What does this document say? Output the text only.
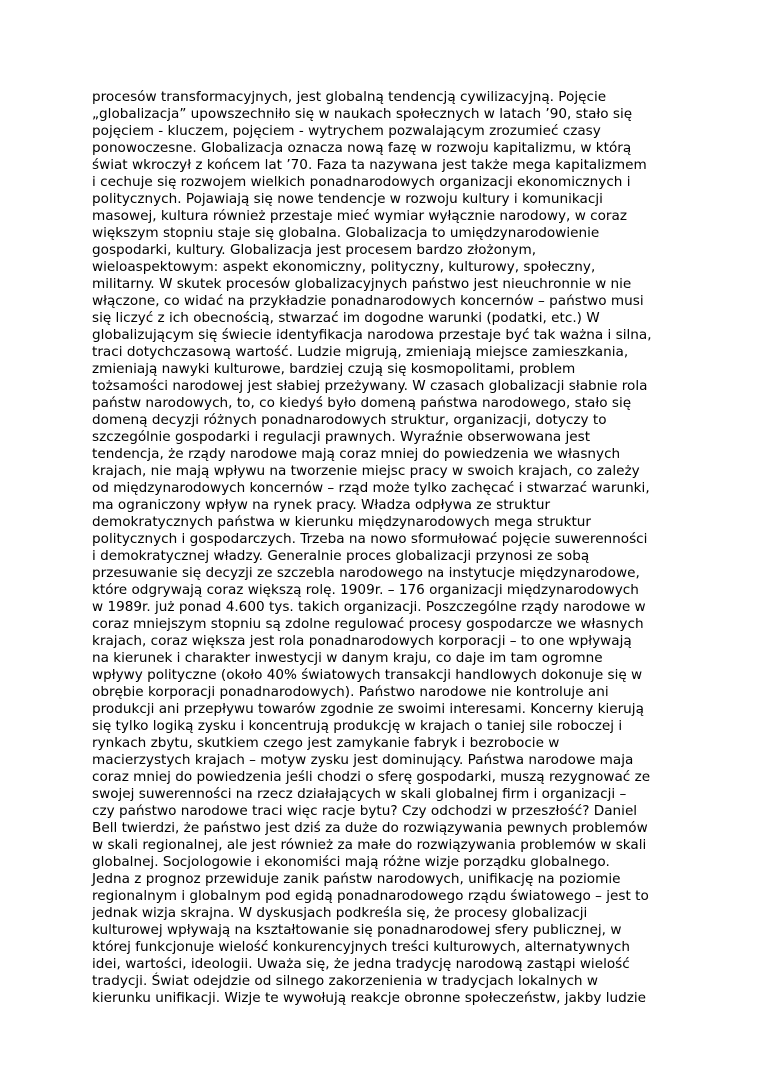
procesów transformacyjnych, jest globalną tendencją cywilizacyjną. Pojęcie
„globalizacja” upowszechniło się w naukach społecznych w latach ’90, stało się
pojęciem - kluczem, pojęciem - wytrychem pozwalającym zrozumieć czasy
ponowoczesne. Globalizacja oznacza nową fazę w rozwoju kapitalizmu, w którą
świat wkroczył z końcem lat ’70. Faza ta nazywana jest także mega kapitalizmem
i cechuje się rozwojem wielkich ponadnarodowych organizacji ekonomicznych i
politycznych. Pojawiają się nowe tendencje w rozwoju kultury i komunikacji
masowej, kultura również przestaje mieć wymiar wyłącznie narodowy, w coraz
większym stopniu staje się globalna. Globalizacja to umiędzynarodowienie
gospodarki, kultury. Globalizacja jest procesem bardzo złożonym,
wieloaspektowym: aspekt ekonomiczny, polityczny, kulturowy, społeczny,
militarny. W skutek procesów globalizacyjnych państwo jest nieuchronnie w nie
włączone, co widać na przykładzie ponadnarodowych koncernów – państwo musi
się liczyć z ich obecnością, stwarzać im dogodne warunki (podatki, etc.) W
globalizującym się świecie identyfikacja narodowa przestaje być tak ważna i silna,
traci dotychczasową wartość. Ludzie migrują, zmieniają miejsce zamieszkania,
zmieniają nawyki kulturowe, bardziej czują się kosmopolitami, problem
tożsamości narodowej jest słabiej przeżywany. W czasach globalizacji słabnie rola
państw narodowych, to, co kiedyś było domeną państwa narodowego, stało się
domeną decyzji różnych ponadnarodowych struktur, organizacji, dotyczy to
szczególnie gospodarki i regulacji prawnych. Wyraźnie obserwowana jest
tendencja, że rządy narodowe mają coraz mniej do powiedzenia we własnych
krajach, nie mają wpływu na tworzenie miejsc pracy w swoich krajach, co zależy
od międzynarodowych koncernów – rząd może tylko zachęcać i stwarzać warunki,
ma ograniczony wpływ na rynek pracy. Władza odpływa ze struktur
demokratycznych państwa w kierunku międzynarodowych mega struktur
politycznych i gospodarczych. Trzeba na nowo sformułować pojęcie suwerenności
i demokratycznej władzy. Generalnie proces globalizacji przynosi ze sobą
przesuwanie się decyzji ze szczebla narodowego na instytucje międzynarodowe,
które odgrywają coraz większą rolę. 1909r. – 176 organizacji międzynarodowych
w 1989r. już ponad 4.600 tys. takich organizacji. Poszczególne rządy narodowe w
coraz mniejszym stopniu są zdolne regulować procesy gospodarcze we własnych
krajach, coraz większa jest rola ponadnarodowych korporacji – to one wpływają
na kierunek i charakter inwestycji w danym kraju, co daje im tam ogromne
wpływy polityczne (około 40% światowych transakcji handlowych dokonuje się w
obrębie korporacji ponadnarodowych). Państwo narodowe nie kontroluje ani
produkcji ani przepływu towarów zgodnie ze swoimi interesami. Koncerny kierują
się tylko logiką zysku i koncentrują produkcję w krajach o taniej sile roboczej i
rynkach zbytu, skutkiem czego jest zamykanie fabryk i bezrobocie w
macierzystych krajach – motyw zysku jest dominujący. Państwa narodowe maja
coraz mniej do powiedzenia jeśli chodzi o sferę gospodarki, muszą rezygnować ze
swojej suwerenności na rzecz działających w skali globalnej firm i organizacji –
czy państwo narodowe traci więc racje bytu? Czy odchodzi w przeszłość? Daniel
Bell twierdzi, że państwo jest dziś za duże do rozwiązywania pewnych problemów
w skali regionalnej, ale jest również za małe do rozwiązywania problemów w skali
globalnej. Socjologowie i ekonomiści mają różne wizje porządku globalnego.
Jedna z prognoz przewiduje zanik państw narodowych, unifikację na poziomie
regionalnym i globalnym pod egidą ponadnarodowego rządu światowego – jest to
jednak wizja skrajna. W dyskusjach podkreśla się, że procesy globalizacji
kulturowej wpływają na kształtowanie się ponadnarodowej sfery publicznej, w
której funkcjonuje wielość konkurencyjnych treści kulturowych, alternatywnych
idei, wartości, ideologii. Uważa się, że jedna tradycję narodową zastąpi wielość
tradycji. Świat odejdzie od silnego zakorzenienia w tradycjach lokalnych w
kierunku unifikacji. Wizje te wywołują reakcje obronne społeczeństw, jakby ludzie
